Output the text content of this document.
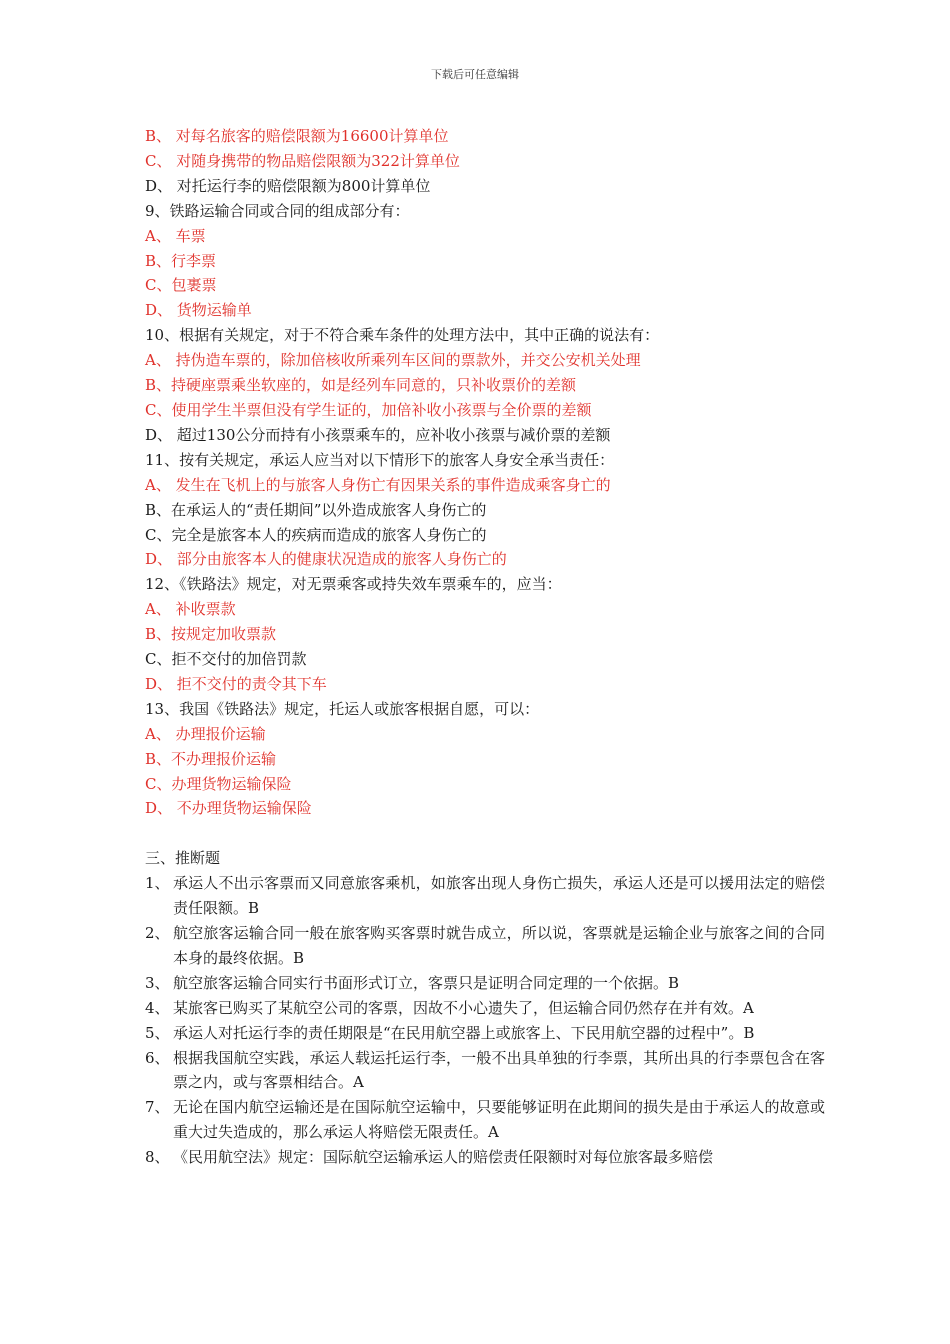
下载后可任意编辑
B、 对每名旅客的赔偿限额为16600计算单位
C、 对随身携带的物品赔偿限额为322计算单位
D、 对托运行李的赔偿限额为800计算单位
9、铁路运输合同或合同的组成部分有：
A、 车票
B、行李票
C、包裹票
D、 货物运输单
10、根据有关规定，对于不符合乘车条件的处理方法中，其中正确的说法有：
A、 持伪造车票的，除加倍核收所乘列车区间的票款外，并交公安机关处理
B、持硬座票乘坐软座的，如是经列车同意的，只补收票价的差额
C、使用学生半票但没有学生证的，加倍补收小孩票与全价票的差额
D、 超过130公分而持有小孩票乘车的，应补收小孩票与减价票的差额
11、按有关规定，承运人应当对以下情形下的旅客人身安全承当责任：
A、 发生在飞机上的与旅客人身伤亡有因果关系的事件造成乘客身亡的
B、在承运人的“责任期间”以外造成旅客人身伤亡的
C、完全是旅客本人的疾病而造成的旅客人身伤亡的
D、 部分由旅客本人的健康状况造成的旅客人身伤亡的
12、《铁路法》规定，对无票乘客或持失效车票乘车的，应当：
A、 补收票款
B、按规定加收票款
C、拒不交付的加倍罚款
D、 拒不交付的责令其下车
13、我国《铁路法》规定，托运人或旅客根据自愿，可以：
A、 办理报价运输
B、不办理报价运输
C、办理货物运输保险
D、 不办理货物运输保险
三、推断题
1、 承运人不出示客票而又同意旅客乘机，如旅客出现人身伤亡损失，承运人还是可以援用法定的赔偿责任限额。B
2、 航空旅客运输合同一般在旅客购买客票时就告成立，所以说，客票就是运输企业与旅客之间的合同本身的最终依据。B
3、 航空旅客运输合同实行书面形式订立，客票只是证明合同定理的一个依据。B
4、 某旅客已购买了某航空公司的客票，因故不小心遗失了，但运输合同仍然存在并有效。A
5、 承运人对托运行李的责任期限是“在民用航空器上或旅客上、下民用航空器的过程中”。B
6、 根据我国航空实践，承运人载运托运行李，一般不出具单独的行李票，其所出具的行李票包含在客票之内，或与客票相结合。A
7、 无论在国内航空运输还是在国际航空运输中，只要能够证明在此期间的损失是由于承运人的故意或重大过失造成的，那么承运人将赔偿无限责任。A
8、 《民用航空法》规定：国际航空运输承运人的赔偿责任限额时对每位旅客最多赔偿
